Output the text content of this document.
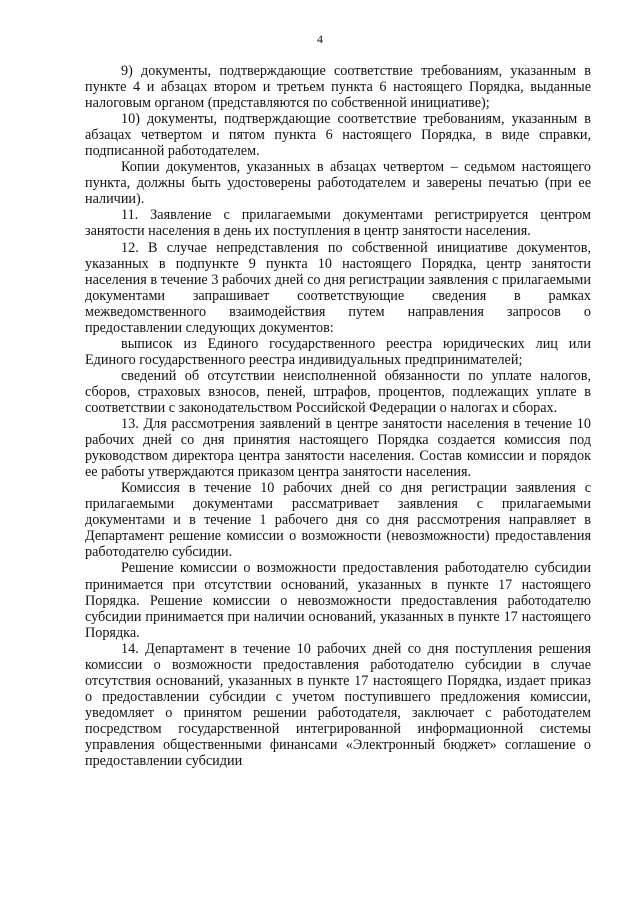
4

9) документы, подтверждающие соответствие требованиям, указанным в пункте 4 и абзацах втором и третьем пункта 6 настоящего Порядка, выданные налоговым органом (представляются по собственной инициативе);

10) документы, подтверждающие соответствие требованиям, указанным в абзацах четвертом и пятом пункта 6 настоящего Порядка, в виде справки, подписанной работодателем.

Копии документов, указанных в абзацах четвертом – седьмом настоящего пункта, должны быть удостоверены работодателем и заверены печатью (при ее наличии).

11. Заявление с прилагаемыми документами регистрируется центром занятости населения в день их поступления в центр занятости населения.

12. В случае непредставления по собственной инициативе документов, указанных в подпункте 9 пункта 10 настоящего Порядка, центр занятости населения в течение 3 рабочих дней со дня регистрации заявления с прилагаемыми документами запрашивает соответствующие сведения в рамках межведомственного взаимодействия путем направления запросов о предоставлении следующих документов:

выписок из Единого государственного реестра юридических лиц или Единого государственного реестра индивидуальных предпринимателей;

сведений об отсутствии неисполненной обязанности по уплате налогов, сборов, страховых взносов, пеней, штрафов, процентов, подлежащих уплате в соответствии с законодательством Российской Федерации о налогах и сборах.

13. Для рассмотрения заявлений в центре занятости населения в течение 10 рабочих дней со дня принятия настоящего Порядка создается комиссия под руководством директора центра занятости населения. Состав комиссии и порядок ее работы утверждаются приказом центра занятости населения.

Комиссия в течение 10 рабочих дней со дня регистрации заявления с прилагаемыми документами рассматривает заявления с прилагаемыми документами и в течение 1 рабочего дня со дня рассмотрения направляет в Департамент решение комиссии о возможности (невозможности) предоставления работодателю субсидии.

Решение комиссии о возможности предоставления работодателю субсидии принимается при отсутствии оснований, указанных в пункте 17 настоящего Порядка. Решение комиссии о невозможности предоставления работодателю субсидии принимается при наличии оснований, указанных в пункте 17 настоящего Порядка.

14. Департамент в течение 10 рабочих дней со дня поступления решения комиссии о возможности предоставления работодателю субсидии в случае отсутствия оснований, указанных в пункте 17 настоящего Порядка, издает приказ о предоставлении субсидии с учетом поступившего предложения комиссии, уведомляет о принятом решении работодателя, заключает с работодателем посредством государственной интегрированной информационной системы управления общественными финансами «Электронный бюджет» соглашение о предоставлении субсидии
